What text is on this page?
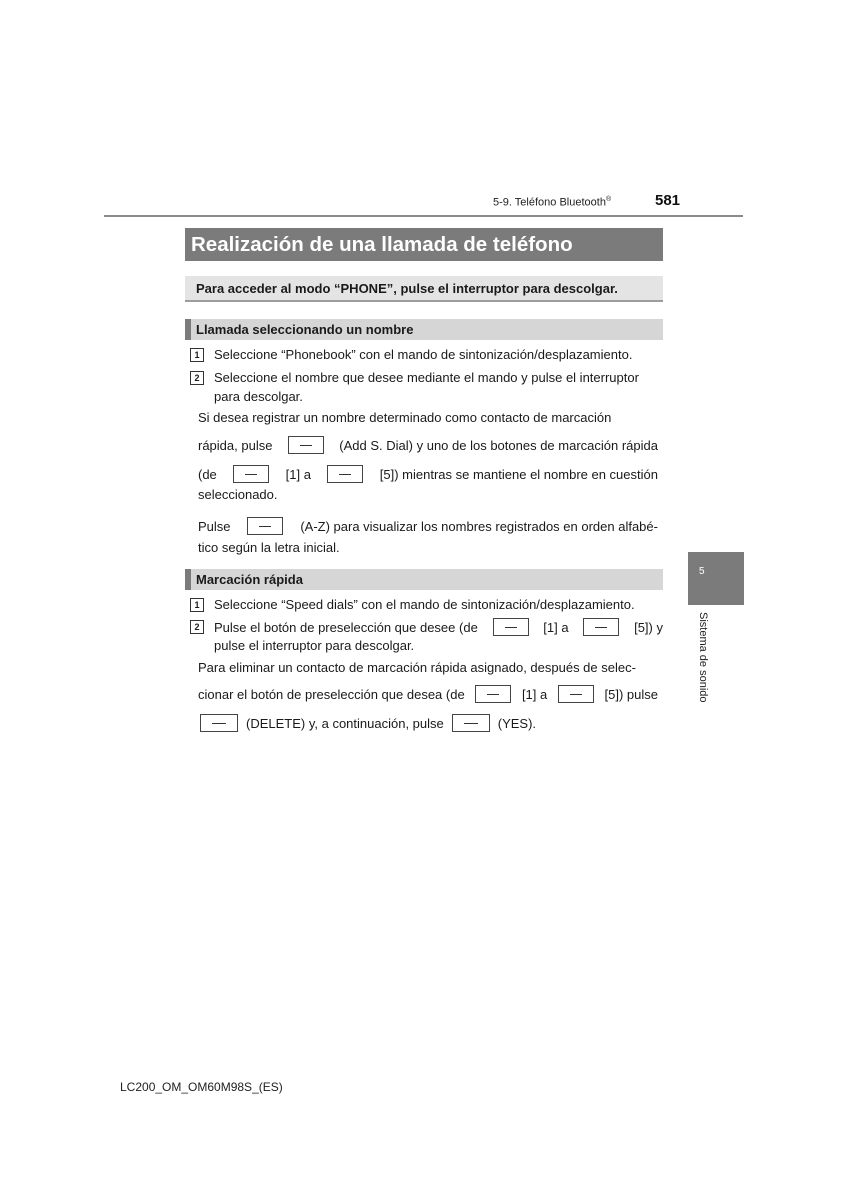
5-9. Teléfono Bluetooth®	581
Realización de una llamada de teléfono
Para acceder al modo “PHONE”, pulse el interruptor para descolgar.
Llamada seleccionando un nombre
1	Seleccione “Phonebook” con el mando de sintonización/desplazamiento.
2	Seleccione el nombre que desee mediante el mando y pulse el interruptor para descolgar.
Si desea registrar un nombre determinado como contacto de marcación
rápida, pulse	(Add S. Dial) y uno de los botones de marcación rápida
(de	[1] a	[5]) mientras se mantiene el nombre en cuestión
seleccionado.
Pulse	(A-Z) para visualizar los nombres registrados en orden alfabé-
tico según la letra inicial.
Marcación rápida
1	Seleccione “Speed dials” con el mando de sintonización/desplazamiento.
2	Pulse el botón de preselección que desee (de	[1] a	[5]) y
pulse el interruptor para descolgar.
Para eliminar un contacto de marcación rápida asignado, después de selec-
cionar el botón de preselección que desea (de	[1] a	[5]) pulse
(DELETE) y, a continuación, pulse	(YES).
5
Sistema de sonido
LC200_OM_OM60M98S_(ES)
